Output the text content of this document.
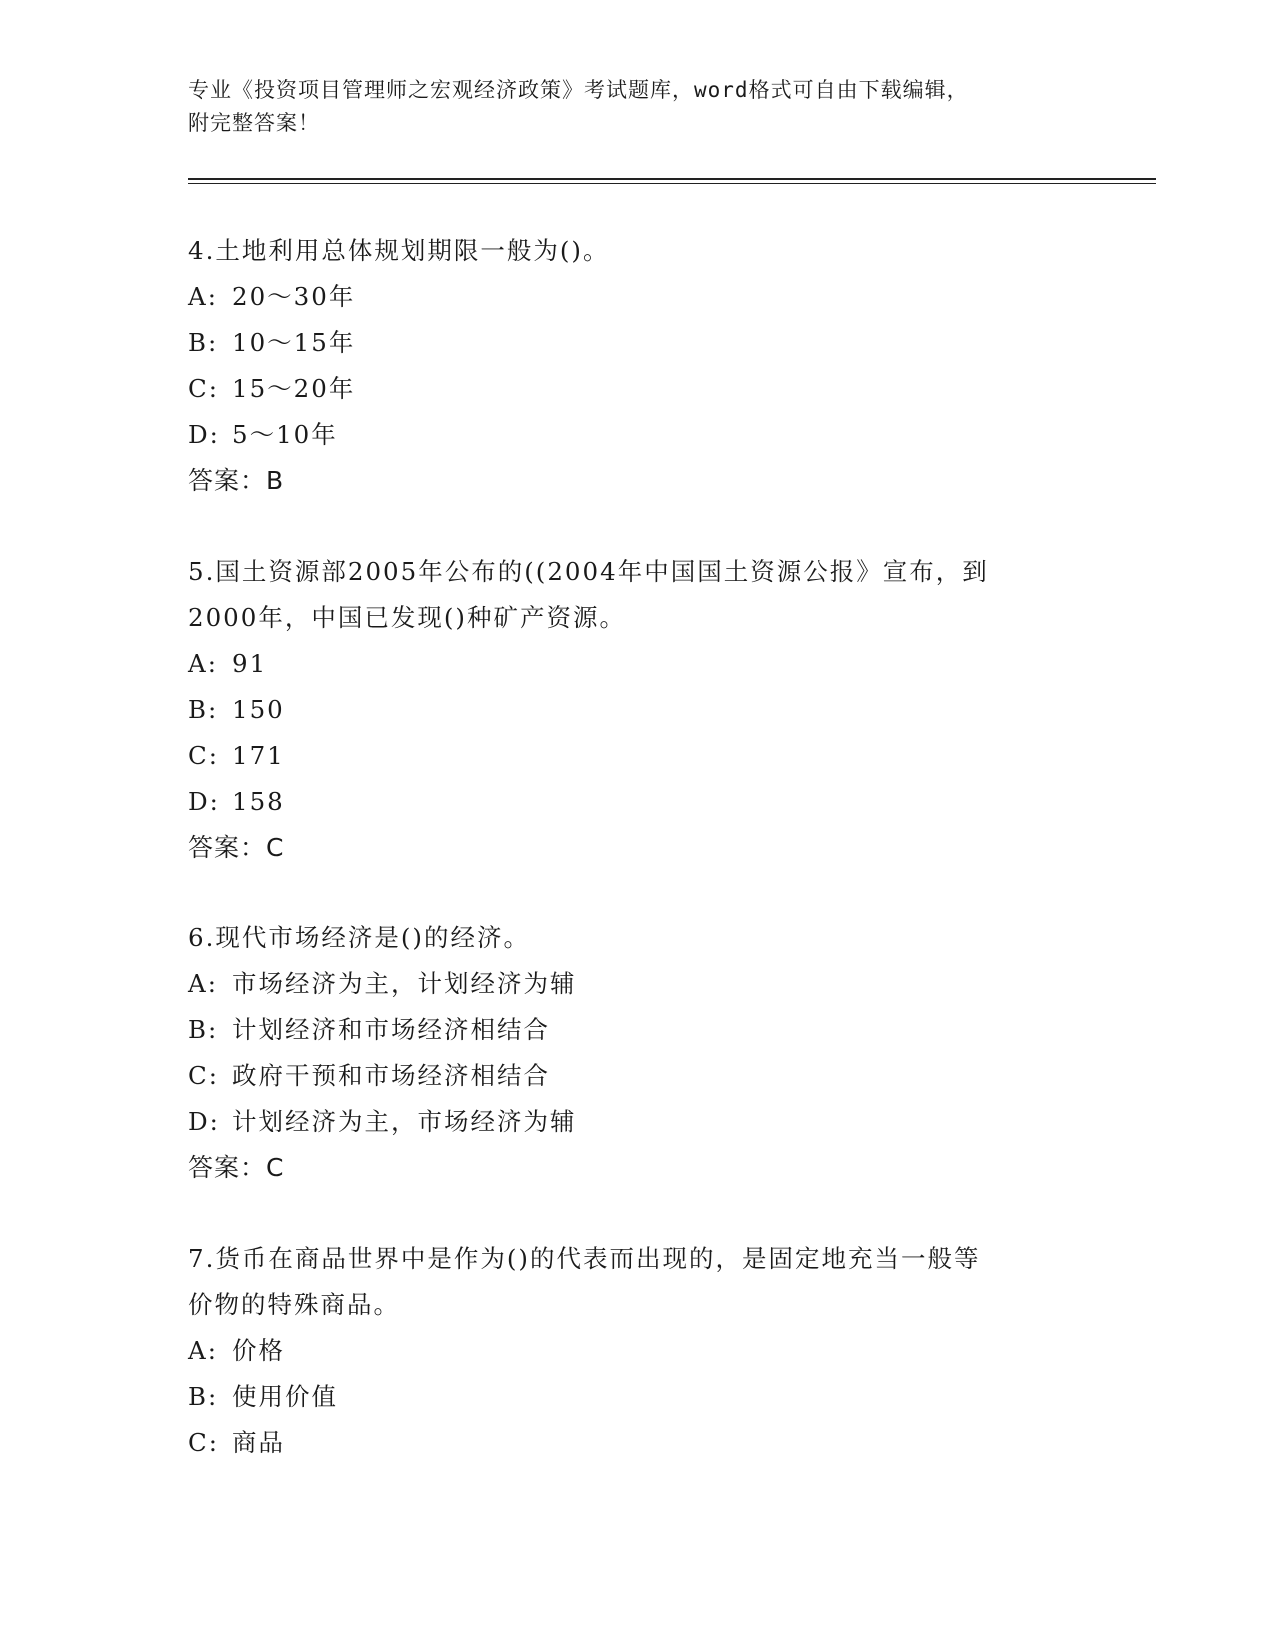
专业《投资项目管理师之宏观经济政策》考试题库，word格式可自由下载编辑，
附完整答案！

4.土地利用总体规划期限一般为()。

A: 20～30年

B: 10～15年

C: 15～20年

D: 5～10年

答案：B

5.国土资源部2005年公布的((2004年中国国土资源公报》宣布，到

2000年，中国已发现()种矿产资源。

A: 91

B: 150

C: 171

D: 158

答案：C

6.现代市场经济是()的经济。

A: 市场经济为主，计划经济为辅

B: 计划经济和市场经济相结合

C: 政府干预和市场经济相结合

D: 计划经济为主，市场经济为辅

答案：C

7.货币在商品世界中是作为()的代表而出现的，是固定地充当一般等

价物的特殊商品。

A: 价格

B: 使用价值

C: 商品
